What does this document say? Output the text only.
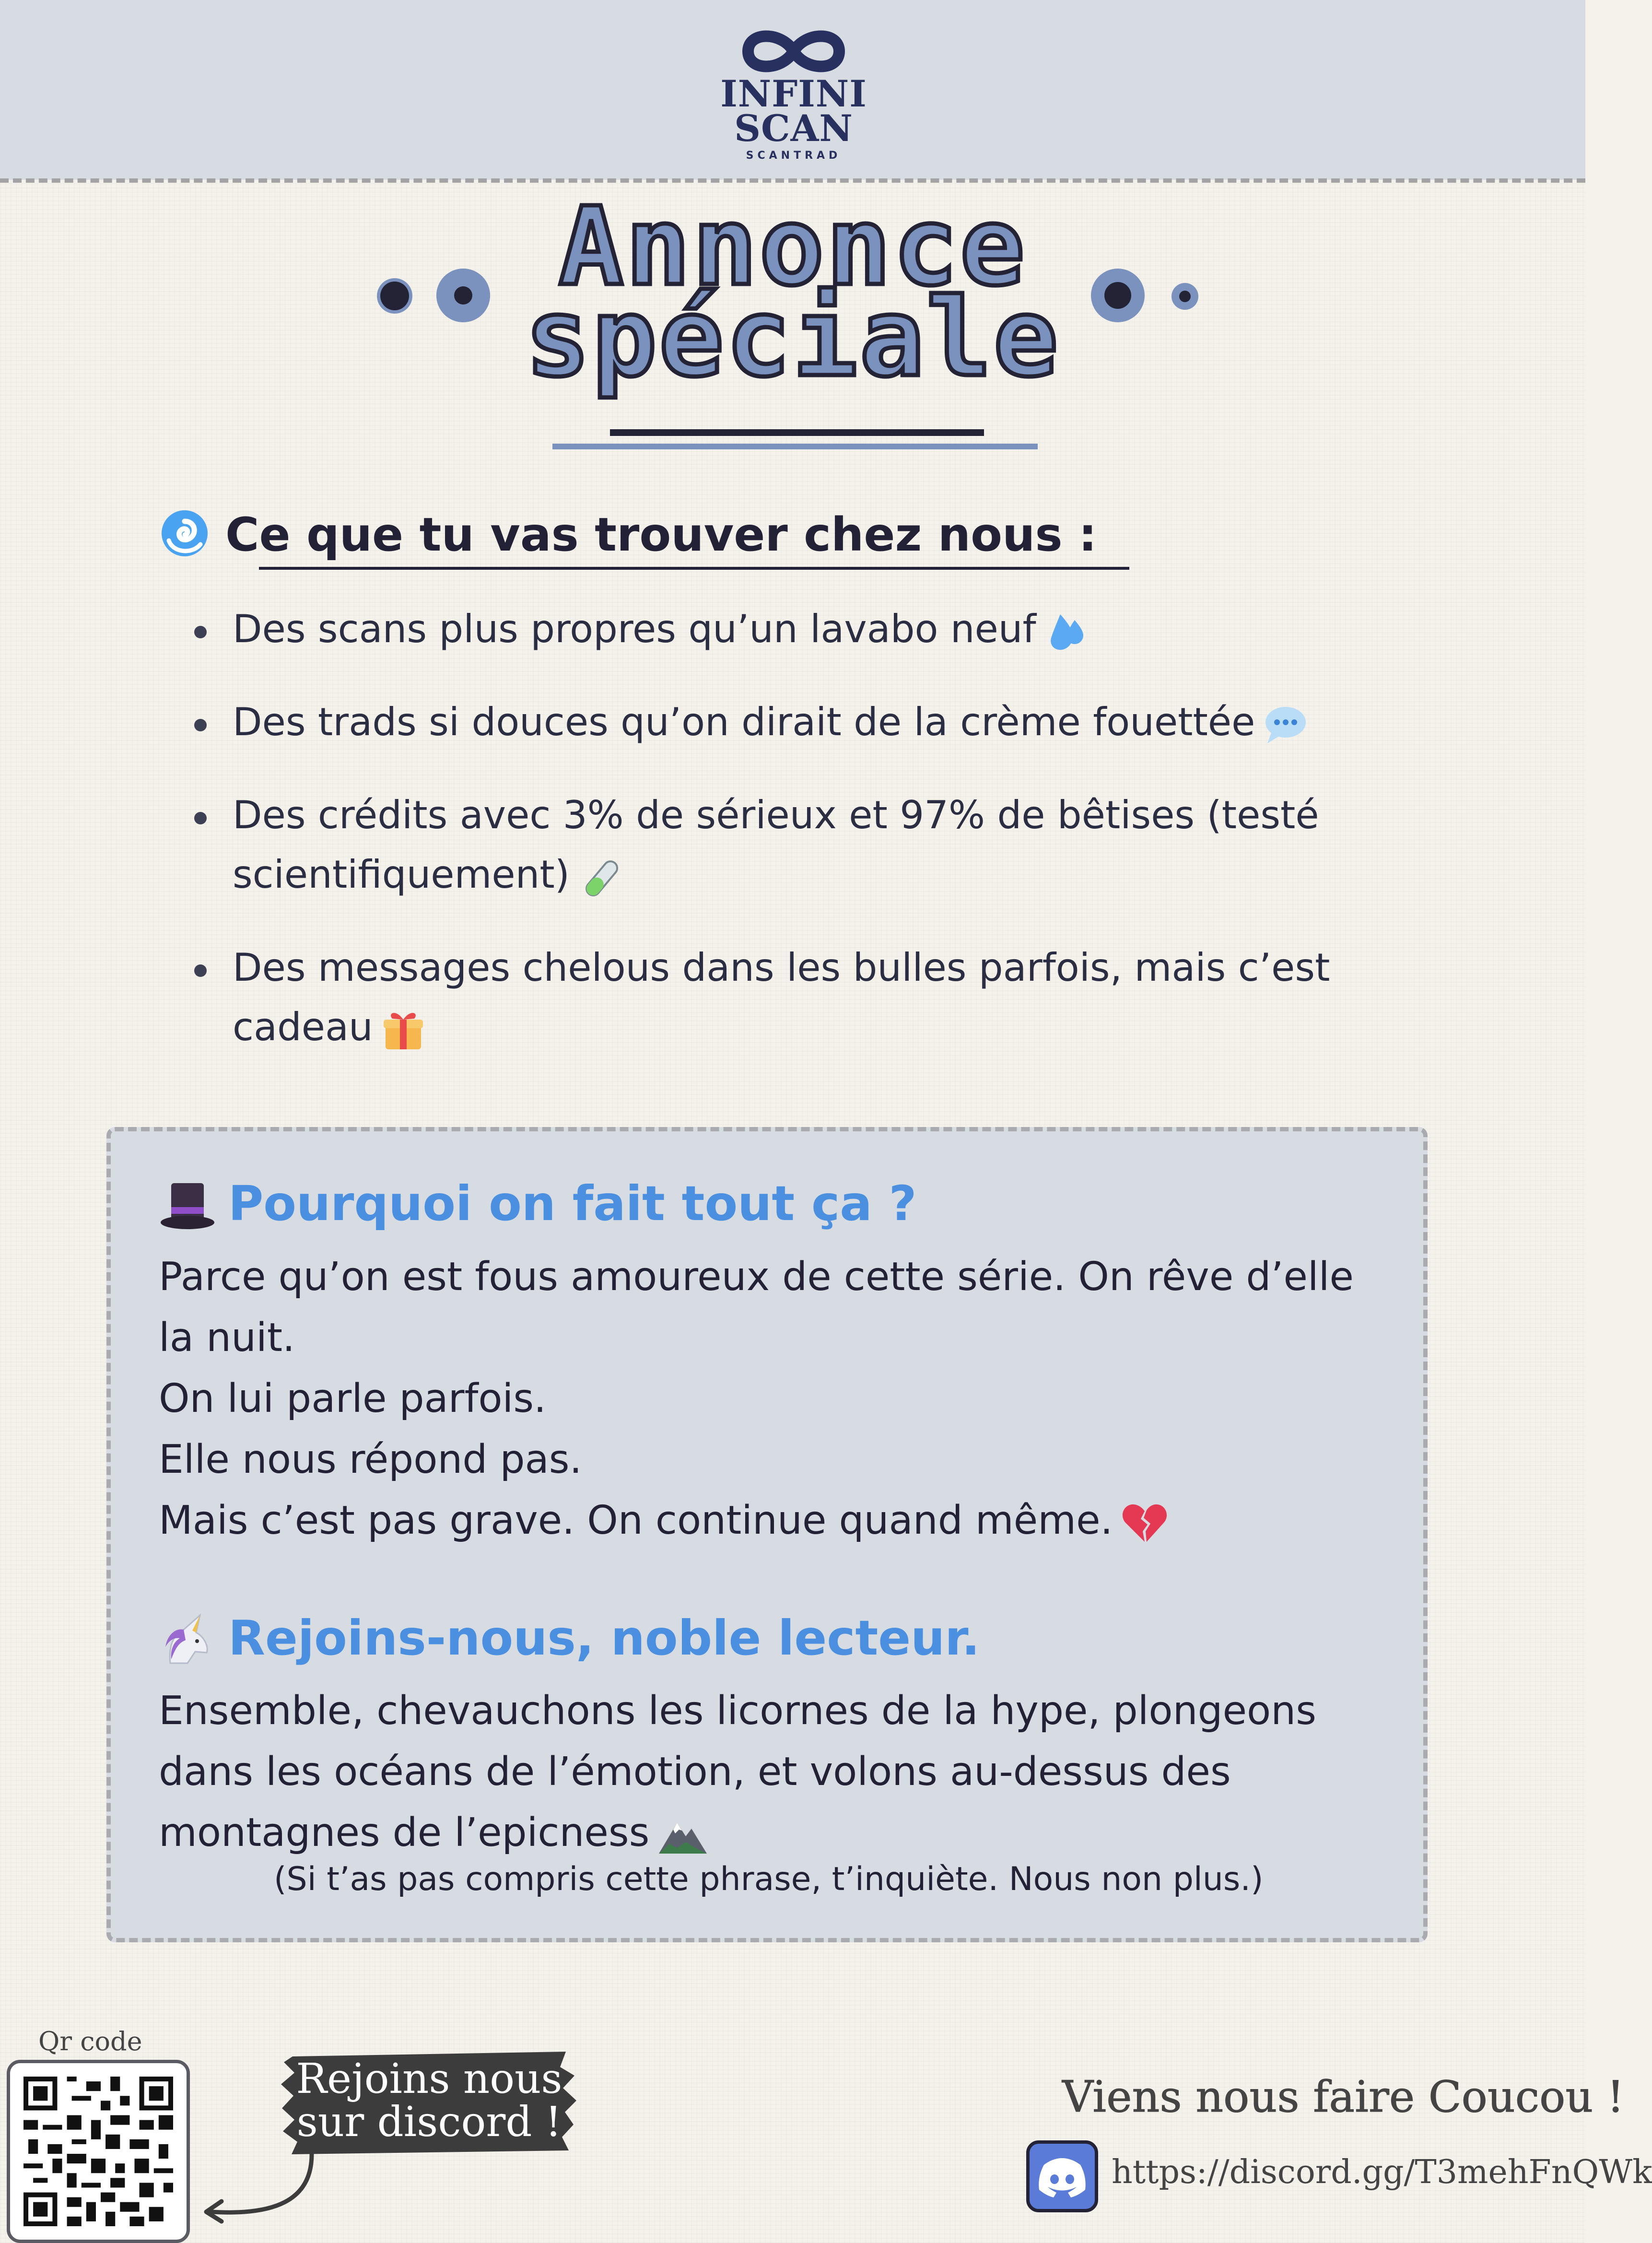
INFINI
SCAN
SCANTRAD
Annonce
spéciale
Ce que tu vas trouver chez nous :
Des scans plus propres qu’un lavabo neuf
Des trads si douces qu’on dirait de la crème fouettée
Des crédits avec 3% de sérieux et 97% de bêtises (testé scientifiquement)
Des messages chelous dans les bulles parfois, mais c’est cadeau
Pourquoi on fait tout ça ?
Parce qu’on est fous amoureux de cette série. On rêve d’elle
la nuit.
On lui parle parfois.
Elle nous répond pas.
Mais c’est pas grave. On continue quand même.
Rejoins-nous, noble lecteur.
Ensemble, chevauchons les licornes de la hype, plongeons
dans les océans de l’émotion, et volons au-dessus des
montagnes de l’epicness
(Si t’as pas compris cette phrase, t’inquiète. Nous non plus.)
Qr code
Rejoins nous
sur discord !	Viens nous faire Coucou !
https://discord.gg/T3mehFnQWk
